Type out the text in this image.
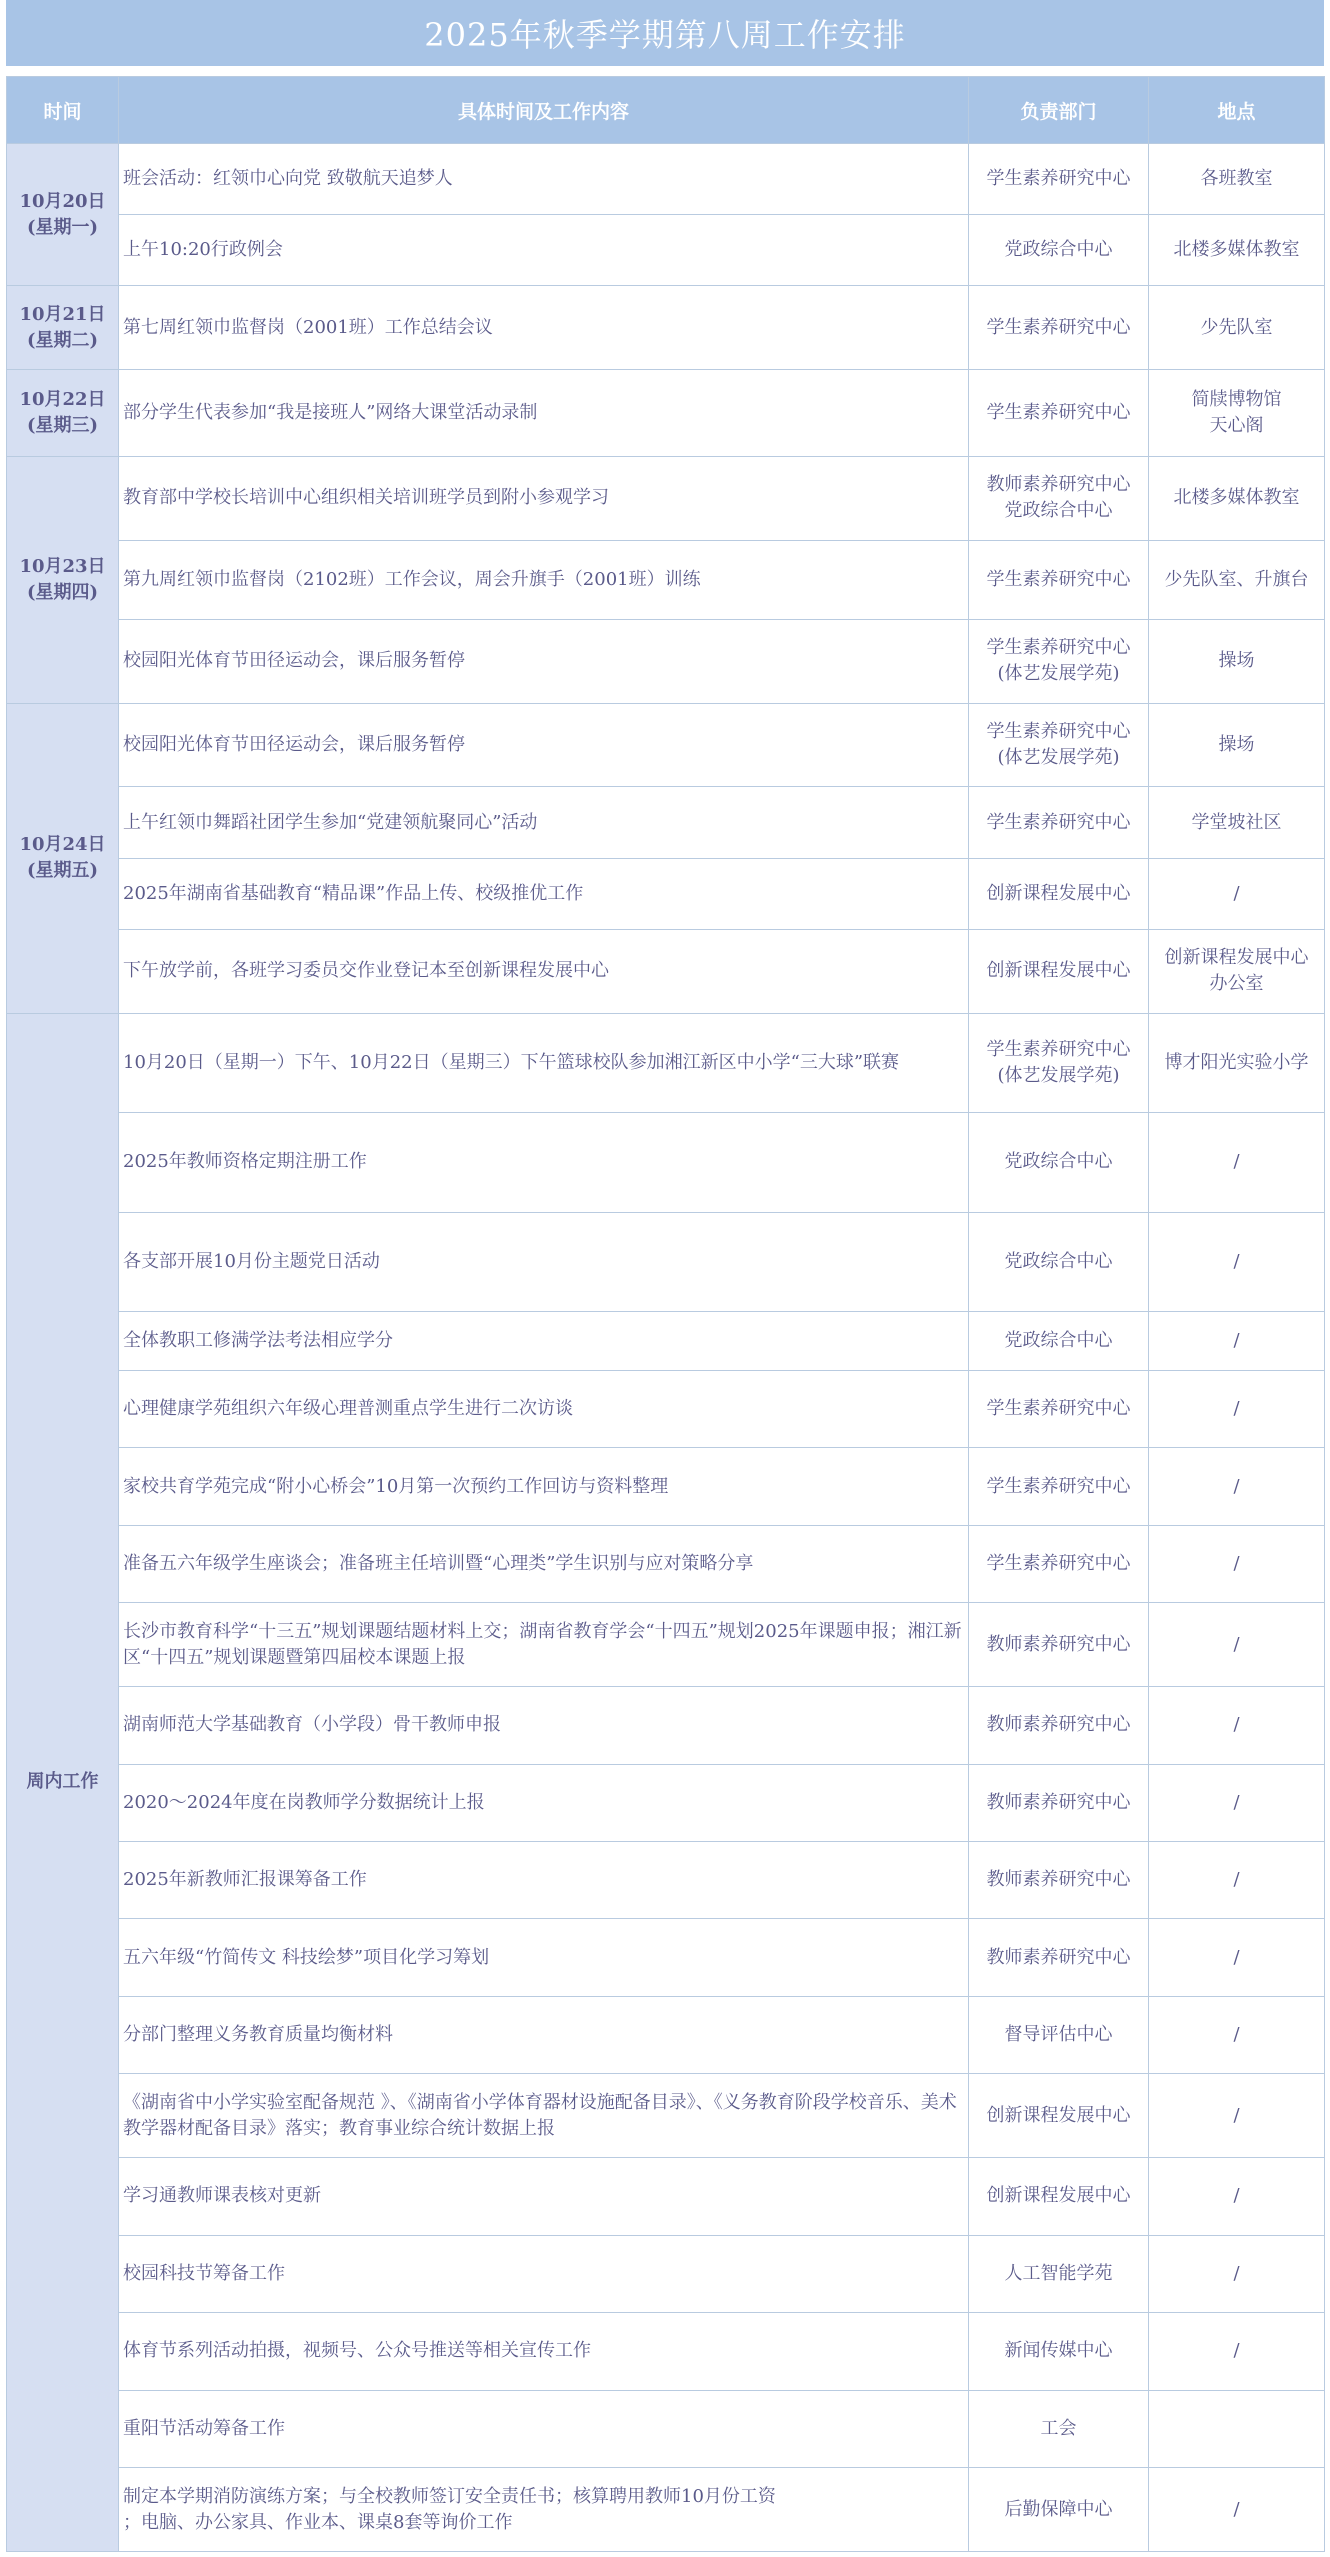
2025年秋季学期第八周工作安排
时间	具体时间及工作内容	负责部门	地点

10月20日
(星期一)	班会活动：红领巾心向党 致敬航天追梦人	学生素养研究中心	各班教室
	上午10:20行政例会	党政综合中心	北楼多媒体教室

10月21日
(星期二)	第七周红领巾监督岗（2001班）工作总结会议	学生素养研究中心	少先队室

10月22日
(星期三)	部分学生代表参加“我是接班人”网络大课堂活动录制	学生素养研究中心	简牍博物馆
天心阁

10月23日
(星期四)	教育部中学校长培训中心组织相关培训班学员到附小参观学习	教师素养研究中心
党政综合中心	北楼多媒体教室
	第九周红领巾监督岗（2102班）工作会议，周会升旗手（2001班）训练	学生素养研究中心	少先队室、升旗台
	校园阳光体育节田径运动会，课后服务暂停	学生素养研究中心
(体艺发展学苑)	操场

10月24日
(星期五)	校园阳光体育节田径运动会，课后服务暂停	学生素养研究中心
(体艺发展学苑)	操场
	上午红领巾舞蹈社团学生参加“党建领航聚同心”活动	学生素养研究中心	学堂坡社区
	2025年湖南省基础教育“精品课”作品上传、校级推优工作	创新课程发展中心	/
	下午放学前，各班学习委员交作业登记本至创新课程发展中心	创新课程发展中心	创新课程发展中心
办公室

周内工作	10月20日（星期一）下午、10月22日（星期三）下午篮球校队参加湘江新区中小学“三大球”联赛	学生素养研究中心
(体艺发展学苑)	博才阳光实验小学
	2025年教师资格定期注册工作	党政综合中心	/
	各支部开展10月份主题党日活动	党政综合中心	/
	全体教职工修满学法考法相应学分	党政综合中心	/
	心理健康学苑组织六年级心理普测重点学生进行二次访谈	学生素养研究中心	/
	家校共育学苑完成“附小心桥会”10月第一次预约工作回访与资料整理	学生素养研究中心	/
	准备五六年级学生座谈会；准备班主任培训暨“心理类”学生识别与应对策略分享	学生素养研究中心	/
	长沙市教育科学“十三五”规划课题结题材料上交；湖南省教育学会“十四五”规划2025年课题申报；湘江新区“十四五”规划课题暨第四届校本课题上报	教师素养研究中心	/
	湖南师范大学基础教育（小学段）骨干教师申报	教师素养研究中心	/
	2020～2024年度在岗教师学分数据统计上报	教师素养研究中心	/
	2025年新教师汇报课筹备工作	教师素养研究中心	/
	五六年级“竹简传文 科技绘梦”项目化学习筹划	教师素养研究中心	/
	分部门整理义务教育质量均衡材料	督导评估中心	/
	《湖南省中小学实验室配备规范 》、《湖南省小学体育器材设施配备目录》、《义务教育阶段学校音乐、美术教学器材配备目录》落实；教育事业综合统计数据上报	创新课程发展中心	/
	学习通教师课表核对更新	创新课程发展中心	/
	校园科技节筹备工作	人工智能学苑	/
	体育节系列活动拍摄，视频号、公众号推送等相关宣传工作	新闻传媒中心	/
	重阳节活动筹备工作	工会	
	制定本学期消防演练方案；与全校教师签订安全责任书；核算聘用教师10月份工资
；电脑、办公家具、作业本、课桌8套等询价工作	后勤保障中心	/
